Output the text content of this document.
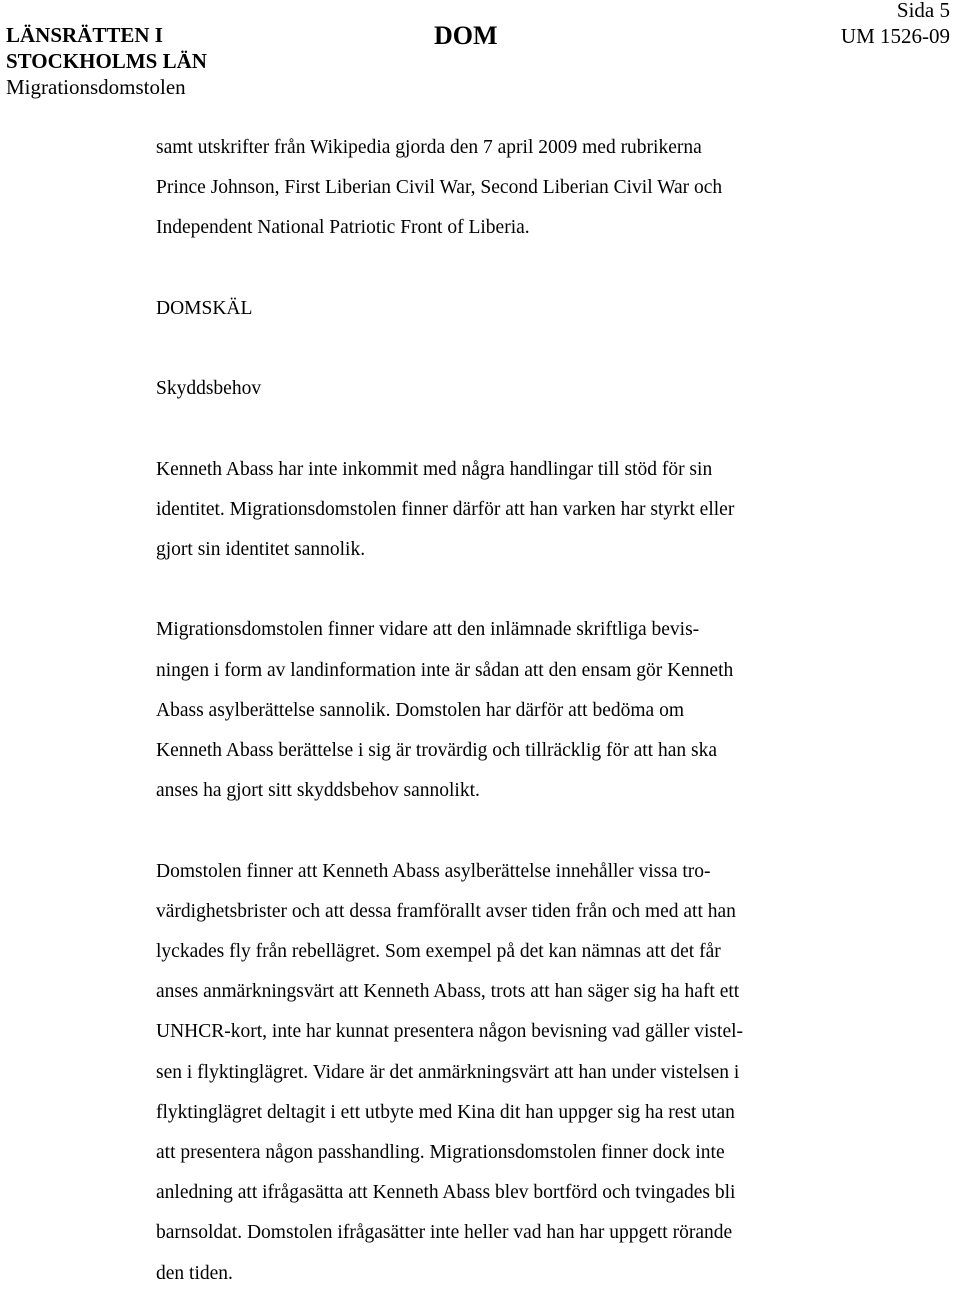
LÄNSRÄTTEN I
STOCKHOLMS LÄN
Migrationsdomstolen
DOM
Sida 5
UM 1526-09

samt utskrifter från Wikipedia gjorda den 7 april 2009 med rubrikerna

Prince Johnson, First Liberian Civil War, Second Liberian Civil War och

Independent National Patriotic Front of Liberia.

DOMSKÄL

Skyddsbehov

Kenneth Abass har inte inkommit med några handlingar till stöd för sin

identitet. Migrationsdomstolen finner därför att han varken har styrkt eller

gjort sin identitet sannolik.

Migrationsdomstolen finner vidare att den inlämnade skriftliga bevis-

ningen i form av landinformation inte är sådan att den ensam gör Kenneth

Abass asylberättelse sannolik. Domstolen har därför att bedöma om

Kenneth Abass berättelse i sig är trovärdig och tillräcklig för att han ska

anses ha gjort sitt skyddsbehov sannolikt.

Domstolen finner att Kenneth Abass asylberättelse innehåller vissa tro-

värdighetsbrister och att dessa framförallt avser tiden från och med att han

lyckades fly från rebellägret. Som exempel på det kan nämnas att det får

anses anmärkningsvärt att Kenneth Abass, trots att han säger sig ha haft ett

UNHCR-kort, inte har kunnat presentera någon bevisning vad gäller vistel-

sen i flyktinglägret. Vidare är det anmärkningsvärt att han under vistelsen i

flyktinglägret deltagit i ett utbyte med Kina dit han uppger sig ha rest utan

att presentera någon passhandling. Migrationsdomstolen finner dock inte

anledning att ifrågasätta att Kenneth Abass blev bortförd och tvingades bli

barnsoldat. Domstolen ifrågasätter inte heller vad han har uppgett rörande

den tiden.
